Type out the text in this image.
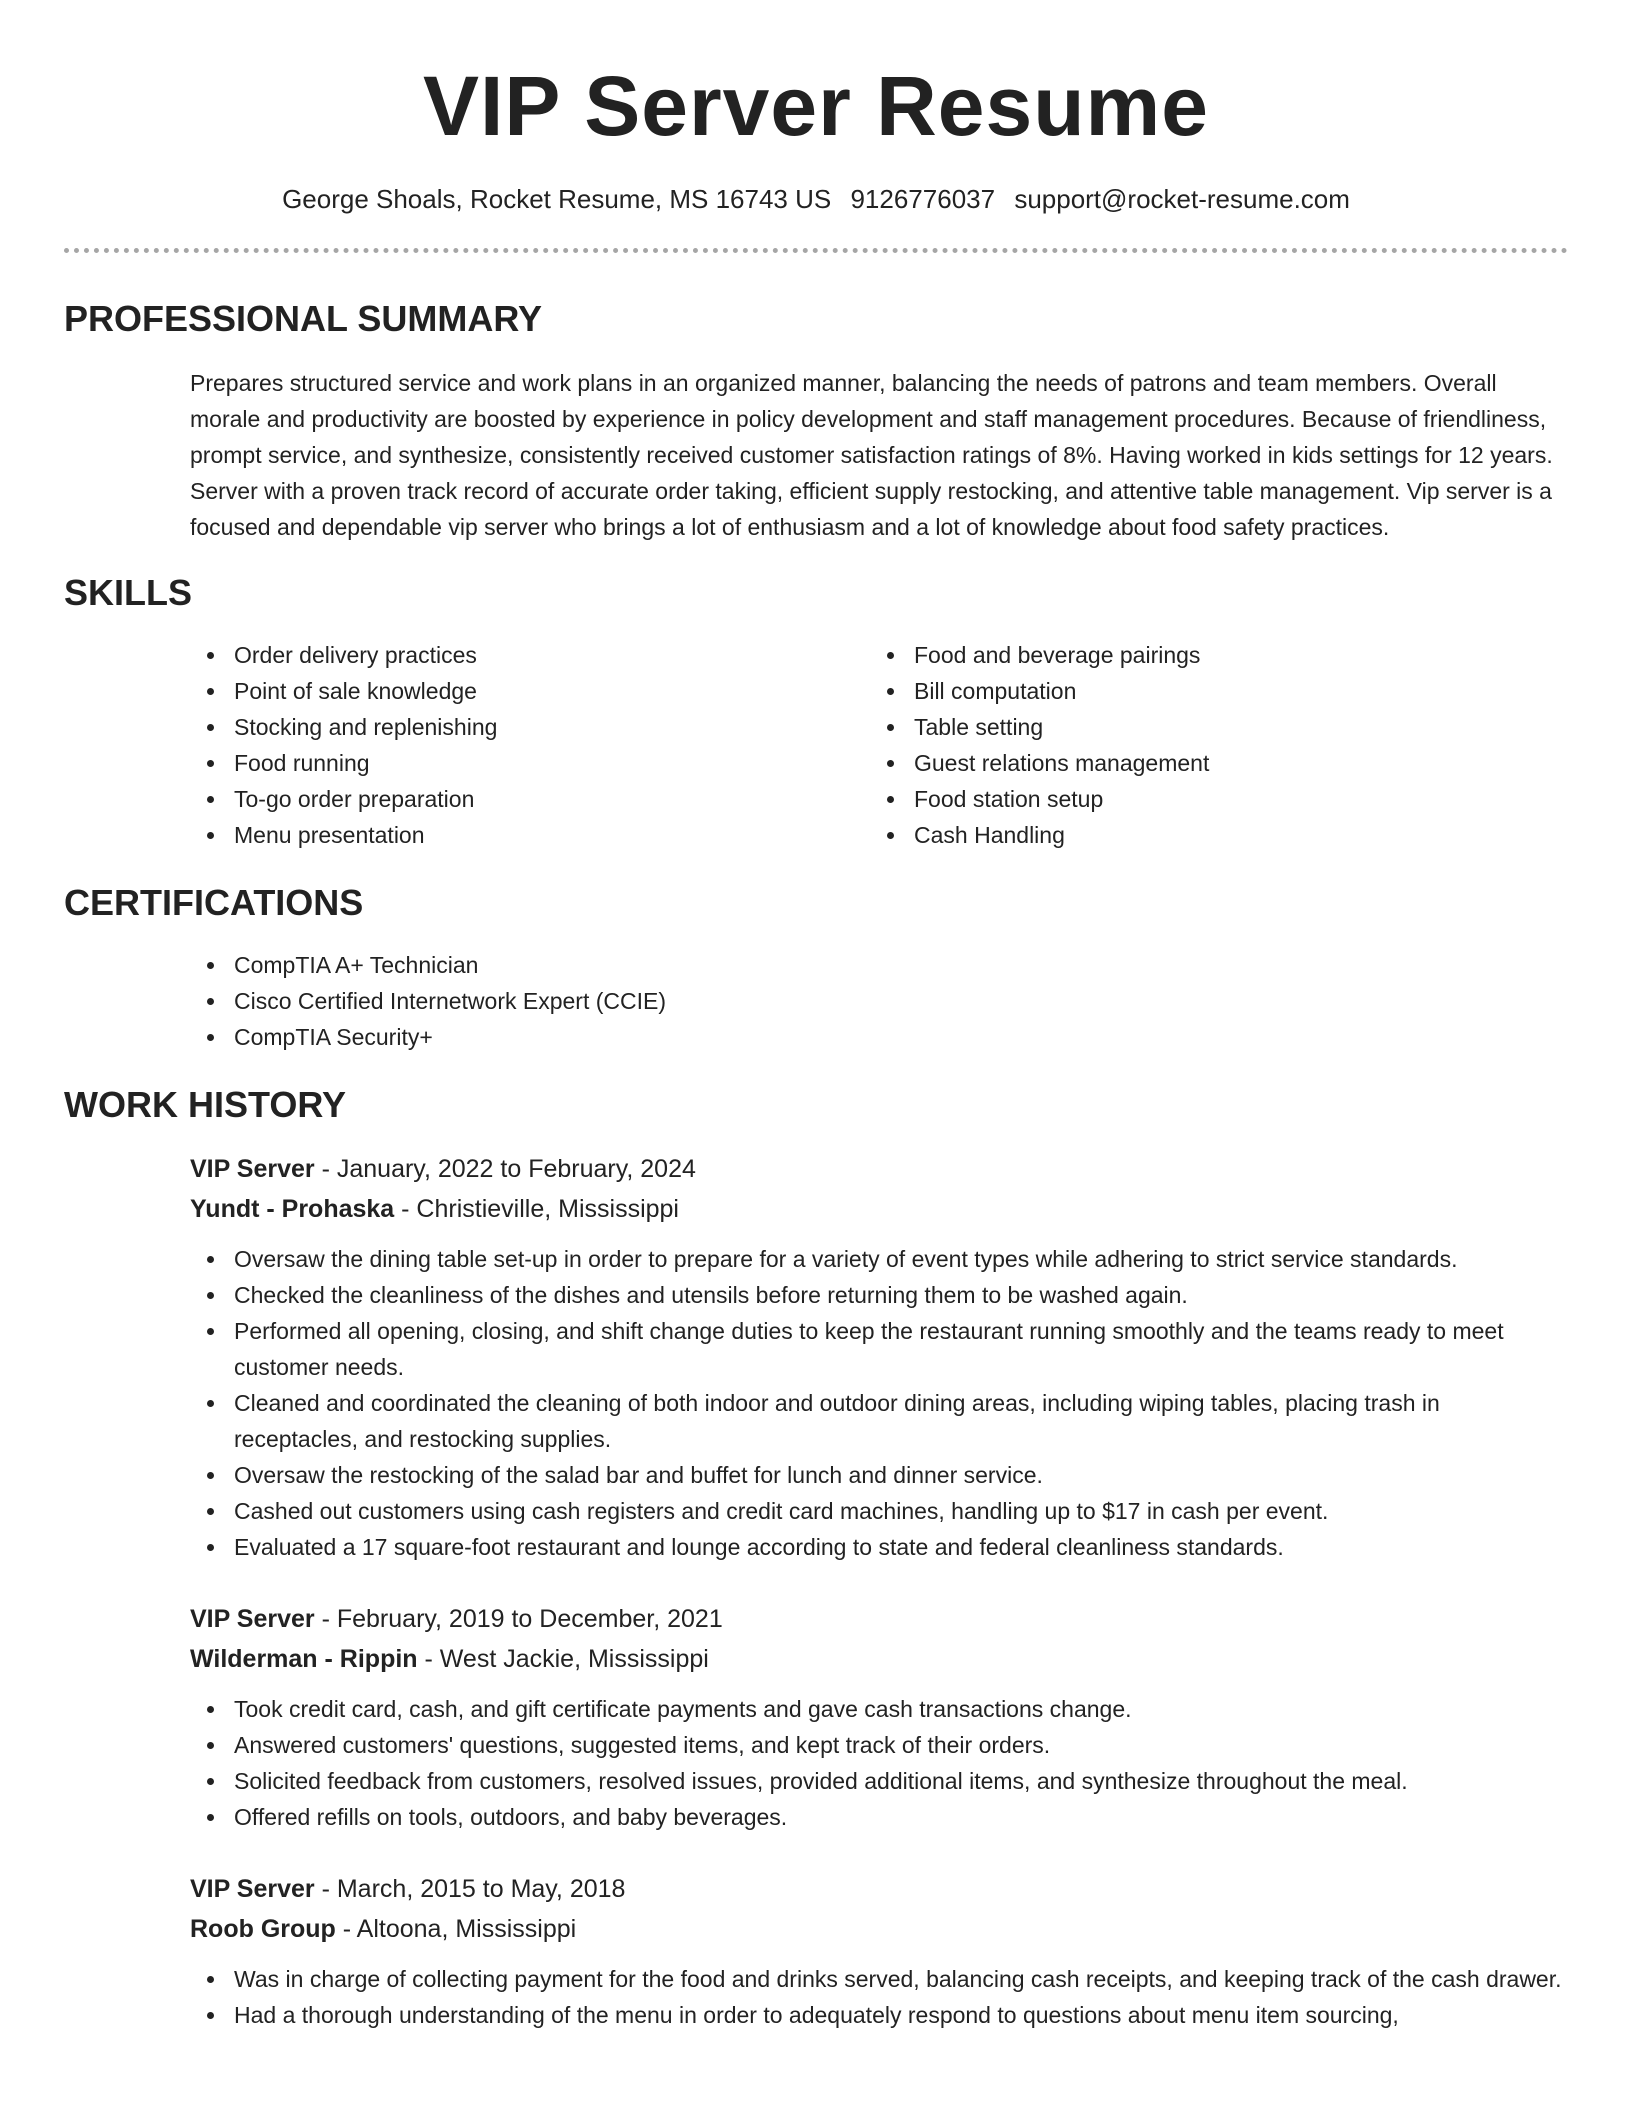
VIP Server Resume
George Shoals, Rocket Resume, MS 16743 US 9126776037 support@rocket-resume.com
PROFESSIONAL SUMMARY

Prepares structured service and work plans in an organized manner, balancing the needs of patrons and team members. Overall morale and productivity are boosted by experience in policy development and staff management procedures. Because of friendliness, prompt service, and synthesize, consistently received customer satisfaction ratings of 8%. Having worked in kids settings for 12 years. Server with a proven track record of accurate order taking, efficient supply restocking, and attentive table management. Vip server is a focused and dependable vip server who brings a lot of enthusiasm and a lot of knowledge about food safety practices.

SKILLS
Order delivery practices
Point of sale knowledge
Stocking and replenishing
Food running
To-go order preparation
Menu presentation
Food and beverage pairings
Bill computation
Table setting
Guest relations management
Food station setup
Cash Handling
CERTIFICATIONS
CompTIA A+ Technician
Cisco Certified Internetwork Expert (CCIE)
CompTIA Security+
WORK HISTORY
VIP Server - January, 2022 to February, 2024
Yundt - Prohaska - Christieville, Mississippi
Oversaw the dining table set-up in order to prepare for a variety of event types while adhering to strict service standards.
Checked the cleanliness of the dishes and utensils before returning them to be washed again.
Performed all opening, closing, and shift change duties to keep the restaurant running smoothly and the teams ready to meet customer needs.
Cleaned and coordinated the cleaning of both indoor and outdoor dining areas, including wiping tables, placing trash in receptacles, and restocking supplies.
Oversaw the restocking of the salad bar and buffet for lunch and dinner service.
Cashed out customers using cash registers and credit card machines, handling up to $17 in cash per event.
Evaluated a 17 square-foot restaurant and lounge according to state and federal cleanliness standards.
VIP Server - February, 2019 to December, 2021
Wilderman - Rippin - West Jackie, Mississippi
Took credit card, cash, and gift certificate payments and gave cash transactions change.
Answered customers' questions, suggested items, and kept track of their orders.
Solicited feedback from customers, resolved issues, provided additional items, and synthesize throughout the meal.
Offered refills on tools, outdoors, and baby beverages.
VIP Server - March, 2015 to May, 2018
Roob Group - Altoona, Mississippi
Was in charge of collecting payment for the food and drinks served, balancing cash receipts, and keeping track of the cash drawer.
Had a thorough understanding of the menu in order to adequately respond to questions about menu item sourcing,
